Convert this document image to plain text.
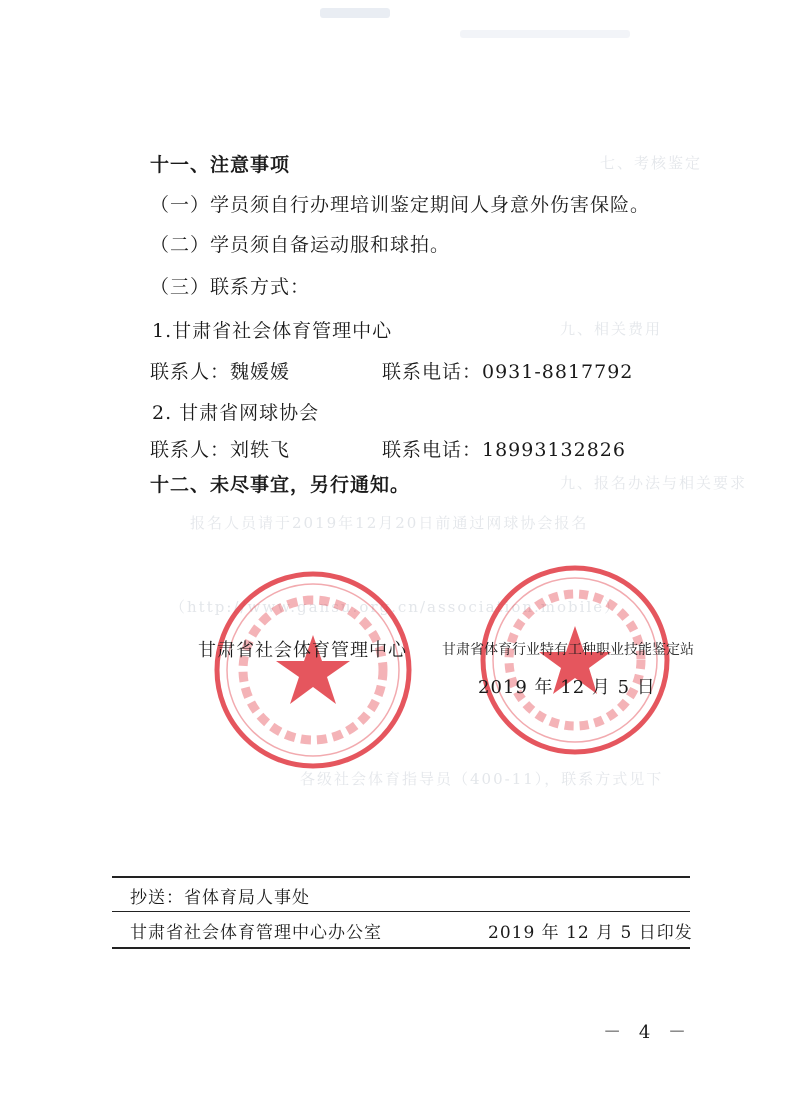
七、考核鉴定
九、相关费用
九、报名办法与相关要求
报名人员请于2019年12月20日前通过网球协会报名
（http://www.gansu.org.cn/association.mobile）
各级社会体育指导员（400-11），联系方式见下
十一、注意事项
（一）学员须自行办理培训鉴定期间人身意外伤害保险。
（二）学员须自备运动服和球拍。
（三）联系方式：
1.甘肃省社会体育管理中心
联系人：魏媛媛	联系电话：0931-8817792
2. 甘肃省网球协会
联系人：刘轶飞	联系电话：18993132826
十二、未尽事宜，另行通知。
甘肃省社会体育管理中心	甘肃省体育行业特有工种职业技能鉴定站
2019 年 12 月 5 日
抄送：省体育局人事处
甘肃省社会体育管理中心办公室	2019 年 12 月 5 日印发
－ 4 －
